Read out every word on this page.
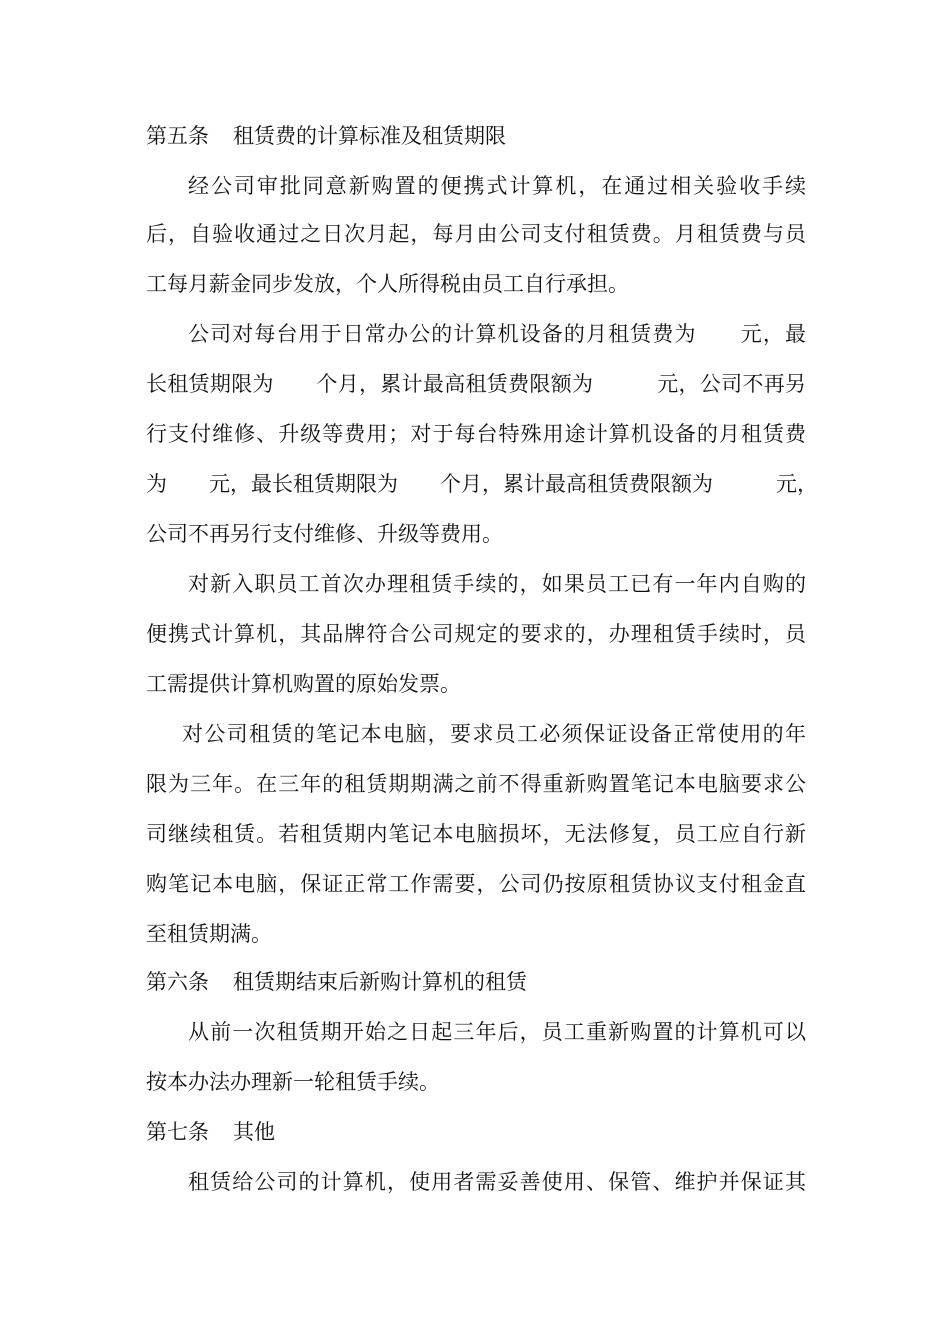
第五条 租赁费的计算标准及租赁期限
经公司审批同意新购置的便携式计算机，在通过相关验收手续
后，自验收通过之日次月起，每月由公司支付租赁费。月租赁费与员
工每月薪金同步发放，个人所得税由员工自行承担。
公司对每台用于日常办公的计算机设备的月租赁费为　　元，最
长租赁期限为　　个月，累计最高租赁费限额为　　　元，公司不再另
行支付维修、升级等费用；对于每台特殊用途计算机设备的月租赁费
为　　元，最长租赁期限为　　个月，累计最高租赁费限额为　　　元，
公司不再另行支付维修、升级等费用。
对新入职员工首次办理租赁手续的，如果员工已有一年内自购的
便携式计算机，其品牌符合公司规定的要求的，办理租赁手续时，员
工需提供计算机购置的原始发票。
对公司租赁的笔记本电脑，要求员工必须保证设备正常使用的年
限为三年。在三年的租赁期期满之前不得重新购置笔记本电脑要求公
司继续租赁。若租赁期内笔记本电脑损坏，无法修复，员工应自行新
购笔记本电脑，保证正常工作需要，公司仍按原租赁协议支付租金直
至租赁期满。
第六条 租赁期结束后新购计算机的租赁
从前一次租赁期开始之日起三年后，员工重新购置的计算机可以
按本办法办理新一轮租赁手续。
第七条 其他
租赁给公司的计算机，使用者需妥善使用、保管、维护并保证其
